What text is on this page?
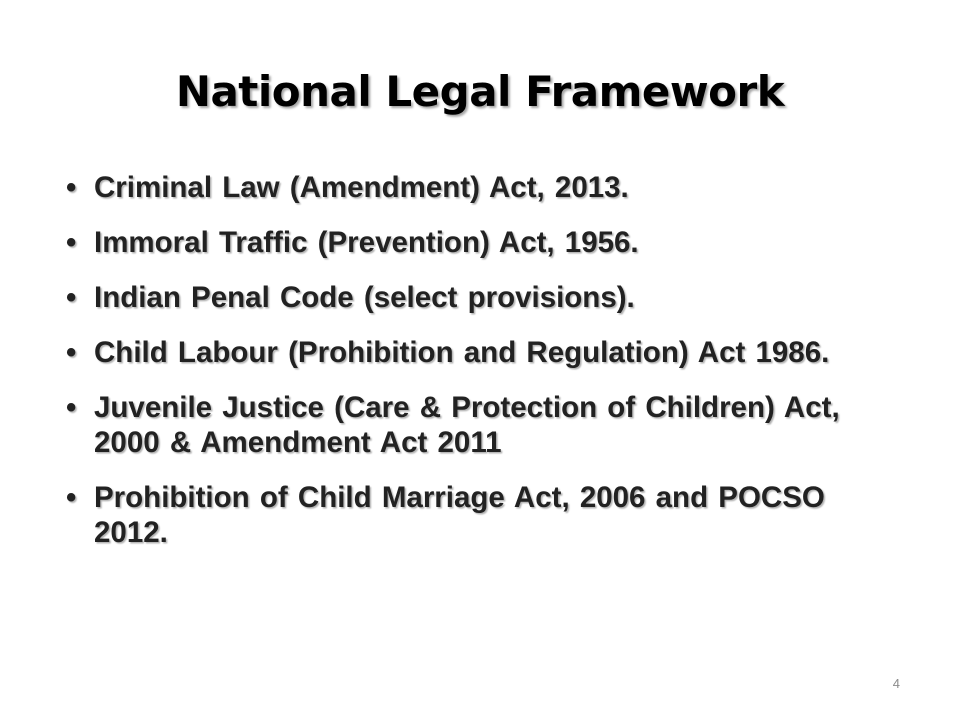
National Legal Framework
• Criminal Law (Amendment) Act, 2013.
• Immoral Traffic (Prevention) Act, 1956.
• Indian Penal Code (select provisions).
• Child Labour (Prohibition and Regulation) Act 1986.
• Juvenile Justice (Care & Protection of Children) Act, 2000 & Amendment Act 2011
• Prohibition of Child Marriage Act, 2006 and POCSO 2012.
4
